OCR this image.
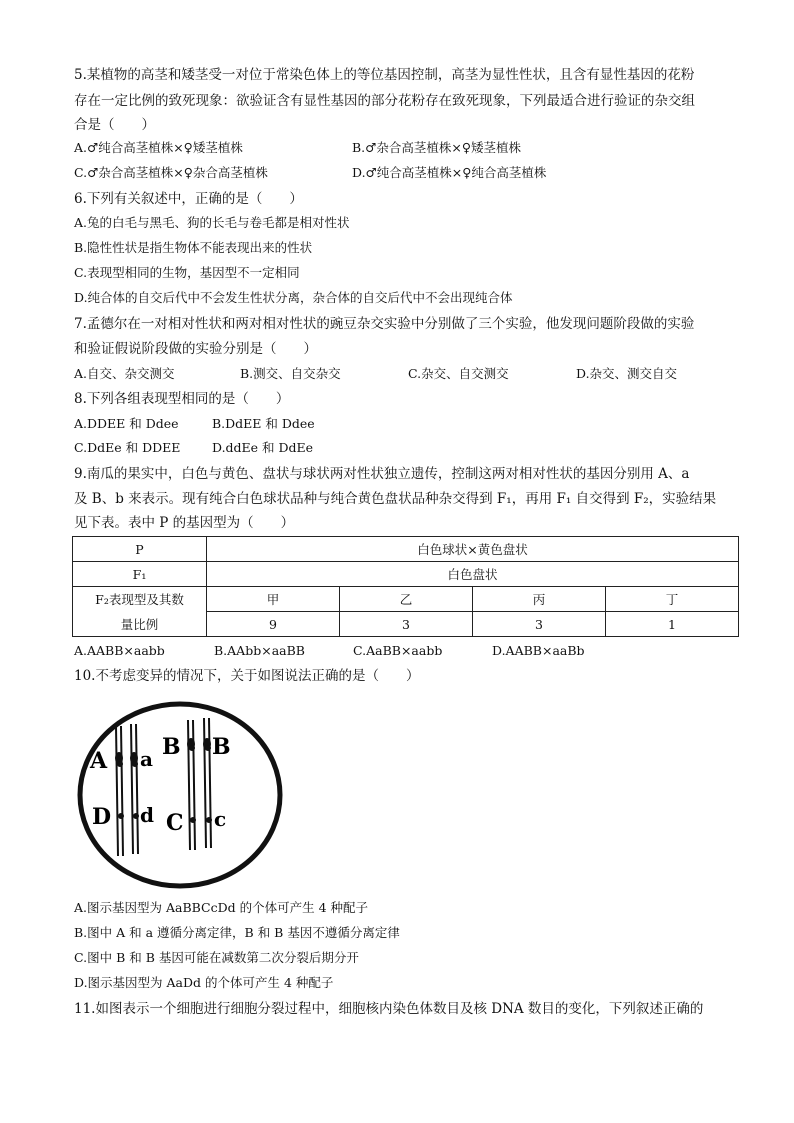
5.某植物的高茎和矮茎受一对位于常染色体上的等位基因控制，高茎为显性性状，且含有显性基因的花粉
存在一定比例的致死现象：欲验证含有显性基因的部分花粉存在致死现象，下列最适合进行验证的杂交组
合是（　　）
A.♂纯合高茎植株×♀矮茎植株	B.♂杂合高茎植株×♀矮茎植株
C.♂杂合高茎植株×♀杂合高茎植株	D.♂纯合高茎植株×♀纯合高茎植株
6.下列有关叙述中，正确的是（　　）
A.兔的白毛与黑毛、狗的长毛与卷毛都是相对性状
B.隐性性状是指生物体不能表现出来的性状
C.表现型相同的生物，基因型不一定相同
D.纯合体的自交后代中不会发生性状分离，杂合体的自交后代中不会出现纯合体
7.孟德尔在一对相对性状和两对相对性状的豌豆杂交实验中分别做了三个实验，他发现问题阶段做的实验
和验证假说阶段做的实验分别是（　　）
A.自交、杂交测交	B.测交、自交杂交	C.杂交、自交测交	D.杂交、测交自交
8.下列各组表现型相同的是（　　）
A.DDEE 和 Ddee	B.DdEE 和 Ddee
C.DdEe 和 DDEE	D.ddEe 和 DdEe
9.南瓜的果实中，白色与黄色、盘状与球状两对性状独立遗传，控制这两对相对性状的基因分别用 A、a
及 B、b 来表示。现有纯合白色球状品种与纯合黄色盘状品种杂交得到 F₁，再用 F₁ 自交得到 F₂，实验结果
见下表。表中 P 的基因型为（　　）
P	白色球状×黄色盘状			
F₁	白色盘状			
F₂表现型及其数	甲	乙	丙	丁
量比例	9	3	3	1
A.AABB×aabb	B.AAbb×aaBB	C.AaBB×aabb	D.AABB×aaBb
10.不考虑变异的情况下，关于如图说法正确的是（　　）
A a B B
D d C c
A.图示基因型为 AaBBCcDd 的个体可产生 4 种配子
B.图中 A 和 a 遵循分离定律，B 和 B 基因不遵循分离定律
C.图中 B 和 B 基因可能在减数第二次分裂后期分开
D.图示基因型为 AaDd 的个体可产生 4 种配子
11.如图表示一个细胞进行细胞分裂过程中，细胞核内染色体数目及核 DNA 数目的变化，下列叙述正确的
